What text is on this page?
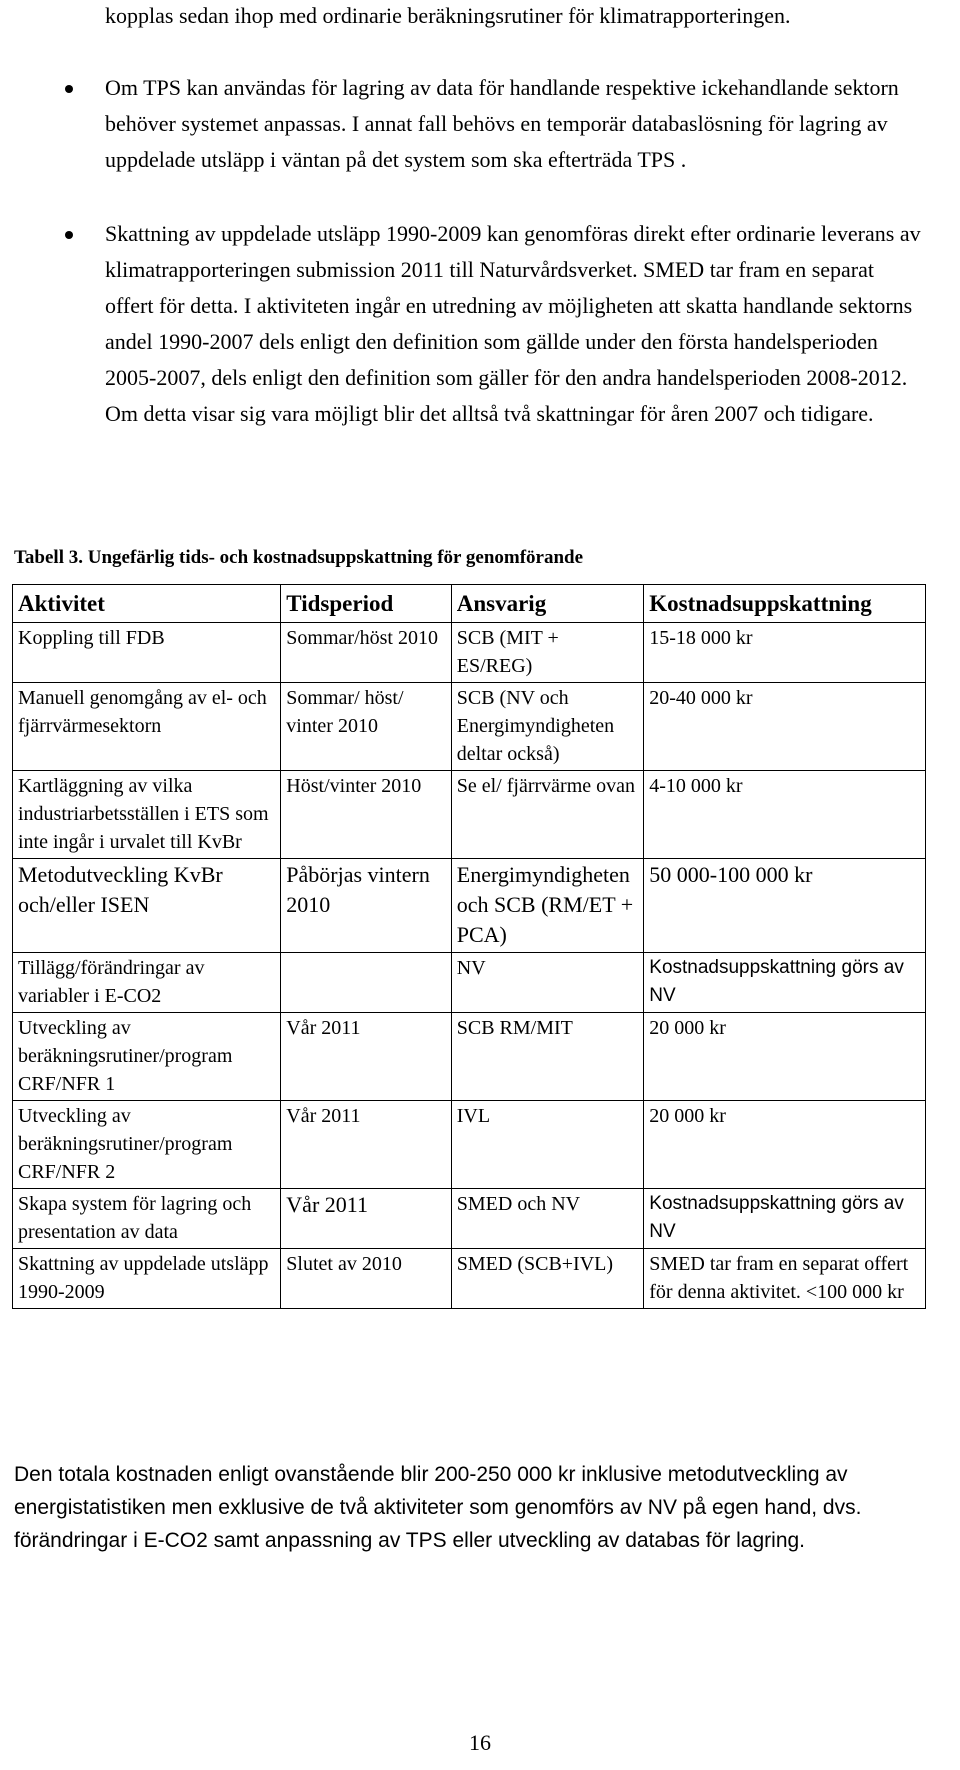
kopplas sedan ihop med ordinarie beräkningsrutiner för klimatrapporteringen.
Om TPS kan användas för lagring av data för handlande respektive ickehandlande sektorn behöver systemet anpassas. I annat fall behövs en temporär databaslösning för lagring av uppdelade utsläpp i väntan på det system som ska efterträda TPS .
Skattning av uppdelade utsläpp 1990-2009 kan genomföras direkt efter ordinarie leverans av klimatrapporteringen submission 2011 till Naturvårdsverket. SMED tar fram en separat offert för detta. I aktiviteten ingår en utredning av möjligheten att skatta handlande sektorns andel 1990-2007 dels enligt den definition som gällde under den första handelsperioden 2005-2007, dels enligt den definition som gäller för den andra handelsperioden 2008-2012. Om detta visar sig vara möjligt blir det alltså två skattningar för åren 2007 och tidigare.
Tabell 3. Ungefärlig tids- och kostnadsuppskattning för genomförande
Aktivitet	Tidsperiod	Ansvarig	Kostnadsuppskattning
Koppling till FDB	Sommar/höst 2010	SCB (MIT + ES/REG)	15-18 000 kr
Manuell genomgång av el- och fjärrvärmesektorn	Sommar/ höst/ vinter 2010	SCB (NV och Energimyndigheten deltar också)	20-40 000 kr
Kartläggning av vilka industriarbetsställen i ETS som inte ingår i urvalet till KvBr	Höst/vinter 2010	Se el/ fjärrvärme ovan	4-10 000 kr
Metodutveckling KvBr och/eller ISEN	Påbörjas vintern 2010	Energimyndigheten och SCB (RM/ET + PCA)	50 000-100 000 kr
Tillägg/förändringar av variabler i E-CO2		NV	Kostnadsuppskattning görs av NV
Utveckling av beräkningsrutiner/program CRF/NFR 1	Vår 2011	SCB RM/MIT	20 000 kr
Utveckling av beräkningsrutiner/program CRF/NFR 2	Vår 2011	IVL	20 000 kr
Skapa system för lagring och presentation av data	Vår 2011	SMED och NV	Kostnadsuppskattning görs av NV
Skattning av uppdelade utsläpp 1990-2009	Slutet av 2010	SMED (SCB+IVL)	SMED tar fram en separat offert för denna aktivitet. <100 000 kr
Den totala kostnaden enligt ovanstående blir 200-250 000 kr inklusive metodutveckling av energistatistiken men exklusive de två aktiviteter som genomförs av NV på egen hand, dvs. förändringar i E-CO2 samt anpassning av TPS eller utveckling av databas för lagring.
16
